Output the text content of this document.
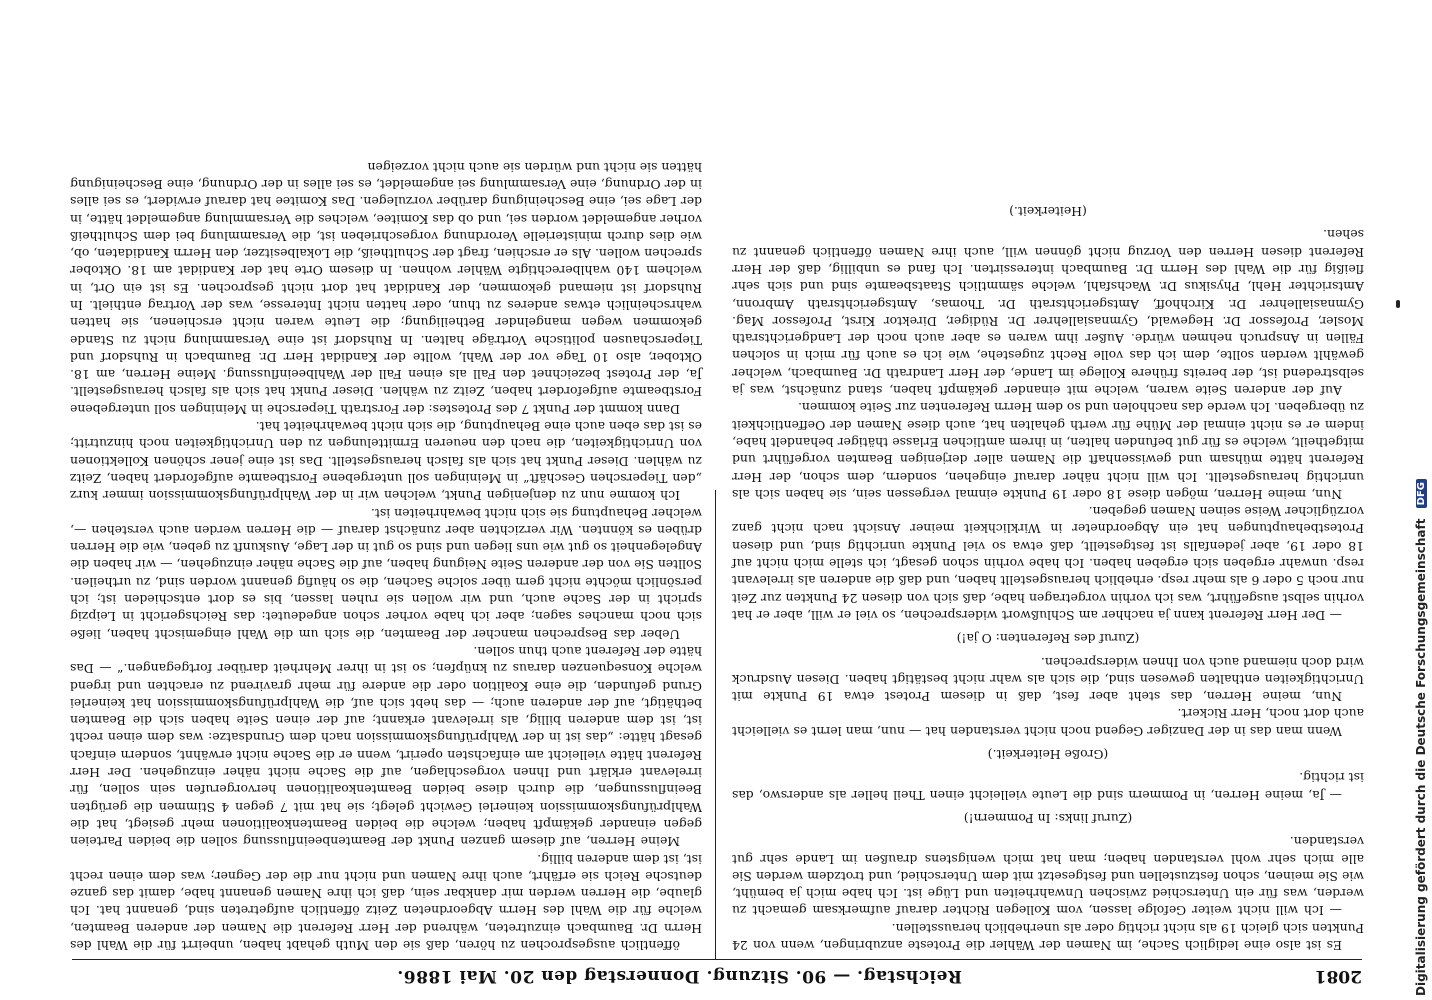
2081
Reichstag. — 90. Sitzung. Donnerstag den 20. Mai 1886.

Es ist also eine lediglich Sache, im Namen der Wähler die Proteste anzubringen, wenn von 24 Punkten sich gleich 19 als nicht richtig oder als unerheblich herausstellen.

— Ich will nicht weiter Gefolge lassen, vom Kollegen Richter darauf aufmerksam gemacht zu werden, was für ein Unterschied zwischen Unwahrheiten und Lüge ist. Ich habe mich ja bemüht, wie Sie meinen, schon festzustellen und festgesetzt mit dem Unterschied, und trotzdem werden Sie alle mich sehr wohl verstanden haben; man hat mich wenigstens draußen im Lande sehr gut verstanden.

(Zuruf links: In Pommern!)

— Ja, meine Herren, in Pommern sind die Leute vielleicht einen Theil heller als anderswo, das ist richtig.

(Große Heiterkeit.)

Wenn man das in der Danziger Gegend noch nicht verstanden hat — nun, man lernt es vielleicht auch dort noch, Herr Rickert.

Nun, meine Herren, das steht aber fest, daß in diesem Protest etwa 19 Punkte mit Unrichtigkeiten enthalten gewesen sind, die sich als wahr nicht bestätigt haben. Diesen Ausdruck wird doch niemand auch von Ihnen widersprechen.

(Zuruf des Referenten: O ja!)

— Der Herr Referent kann ja nachher am Schlußwort widersprechen, so viel er will, aber er hat vorhin selbst ausgeführt, was ich vorhin vorgetragen habe, daß sich von diesen 24 Punkten zur Zeit nur noch 5 oder 6 als mehr resp. erheblich herausgestellt haben, und daß die anderen als irrelevant resp. unwahr ergeben sich ergeben haben. Ich habe vorhin schon gesagt, ich stelle mich nicht auf 18 oder 19, aber jedenfalls ist festgestellt, daß etwa so viel Punkte unrichtig sind, und diesen Protestbehauptungen hat ein Abgeordneter in Wirklichkeit meiner Ansicht nach nicht ganz vorzüglicher Weise seinen Namen gegeben.

Nun, meine Herren, mögen diese 18 oder 19 Punkte einmal vergessen sein, sie haben sich als unrichtig herausgestellt. Ich will nicht näher darauf eingehen, sondern, dem schon, der Herr Referent hätte mühsam und gewissenhaft die Namen aller derjenigen Beamten vorgeführt und mitgetheilt, welche es für gut befunden halten, in ihrem amtlichen Erlasse thätiger behandelt habe, indem er es nicht einmal der Mühe für werth gehalten hat, auch diese Namen der Oeffentlichkeit zu übergeben. Ich werde das nachholen und so dem Herrn Referenten zur Seite kommen.

Auf der anderen Seite waren, welche mit einander gekämpft haben, stand zunächst, was ja selbstredend ist, der bereits frühere Kollege im Lande, der Herr Landrath Dr. Baumbach, welcher gewählt werden sollte, dem ich das volle Recht zugestehe, wie ich es auch für mich in solchen Fällen in Anspruch nehmen würde. Außer ihm waren es aber auch noch der Landgerichtsrath Mosler, Professor Dr. Hegewald, Gymnasiallehrer Dr. Rüdiger, Direktor Kirst, Professor Mag. Gymnasiallehrer Dr. Kirchhoff, Amtsgerichtsrath Dr. Thomas, Amtsgerichtsrath Ambronn, Amtsrichter Hehl, Physikus Dr. Wachsfahl, welche sämmtlich Staatsbeamte sind und sich sehr fleißig für die Wahl des Herrn Dr. Baumbach interessirten. Ich fand es unbillig, daß der Herr Referent diesen Herren den Vorzug nicht gönnen will, auch ihre Namen öffentlich genannt zu sehen.

(Heiterkeit.)

öffentlich ausgesprochen zu hören, daß sie den Muth gehabt haben, unbeirrt für die Wahl des Herrn Dr. Baumbach einzutreten, während der Herr Referent die Namen der anderen Beamten, welche für die Wahl des Herrn Abgeordneten Zeitz öffentlich aufgetreten sind, genannt hat. Ich glaube, die Herren werden mir dankbar sein, daß ich ihre Namen genannt habe, damit das ganze deutsche Reich sie erfährt, auch ihre Namen und nicht nur die der Gegner; was dem einen recht ist, ist dem anderen billig.

Meine Herren, auf diesem ganzen Punkt der Beamtenbeeinflussung sollen die beiden Parteien gegen einander gekämpft haben; welche die beiden Beamtenkoalitionen mehr gesiegt, hat die Wahlprüfungskommission keinerlei Gewicht gelegt; sie hat mit 7 gegen 4 Stimmen die gerügten Beeinflussungen, die durch diese beiden Beamtenkoalitionen hervorgerufen sein sollen, für irrelevant erklärt und Ihnen vorgeschlagen, auf die Sache nicht näher einzugehen. Der Herr Referent hätte vielleicht am einfachsten operirt, wenn er die Sache nicht erwähnt, sondern einfach gesagt hätte: „das ist in der Wahlprüfungskommission nach dem Grundsatze: was dem einen recht ist, ist dem anderen billig, als irrelevant erkannt; auf der einen Seite haben sich die Beamten bethätigt, auf der anderen auch; — das hebt sich auf, die Wahlprüfungskommission hat keinerlei Grund gefunden, die eine Koalition oder die andere für mehr gravirend zu erachten und irgend welche Konsequenzen daraus zu knüpfen; so ist in ihrer Mehrheit darüber fortgegangen.“ — Das hätte der Referent auch thun sollen.

Ueber das Besprechen mancher der Beamten, die sich um die Wahl eingemischt haben, ließe sich noch manches sagen; aber ich habe vorher schon angedeutet: das Reichsgericht in Leipzig spricht in der Sache auch, und wir wollen sie ruhen lassen, bis es dort entschieden ist; ich persönlich möchte nicht gern über solche Sachen, die so häufig genannt worden sind, zu urtheilen. Sollten Sie von der anderen Seite Neigung haben, auf die Sache näher einzugehen, — wir haben die Angelegenheit so gut wie uns liegen und sind so gut in der Lage, Auskunft zu geben, wie die Herren drüben es könnten. Wir verzichten aber zunächst darauf — die Herren werden auch verstehen —, welcher Behauptung sie sich nicht bewahrheiten ist.

Ich komme nun zu denjenigen Punkt, welchen wir in der Wahlprüfungskommission immer kurz „den Tieperschen Geschäft“ in Meiningen soll untergebene Forstbeamte aufgefordert haben, Zeitz zu wählen. Dieser Punkt hat sich als falsch herausgestellt. Das ist eine jener schönen Kollektionen von Unrichtigkeiten, die nach den neueren Ermittelungen zu den Unrichtigkeiten noch hinzutritt; es ist das eben auch eine Behauptung, die sich nicht bewahrheitet hat.

Dann kommt der Punkt 7 des Protestes: der Forstrath Tiepersche in Meiningen soll untergebene Forstbeamte aufgefordert haben, Zeitz zu wählen. Dieser Punkt hat sich als falsch herausgestellt. Ja, der Protest bezeichnet den Fall als einen Fall der Wahlbeeinflussung. Meine Herren, am 18. Oktober, also 10 Tage vor der Wahl, wollte der Kandidat Herr Dr. Baumbach in Ruhsdorf und Tieperschausen politische Vorträge halten. In Ruhsdorf ist eine Versammlung nicht zu Stande gekommen wegen mangelnder Betheiligung; die Leute waren nicht erschienen, sie hatten wahrscheinlich etwas anderes zu thun, oder hatten nicht Interesse, was der Vortrag enthielt. In Ruhsdorf ist niemand gekommen, der Kandidat hat dort nicht gesprochen. Es ist ein Ort, in welchem 140 wahlberechtigte Wähler wohnen. In diesem Orte hat der Kandidat am 18. Oktober sprechen wollen. Als er erschien, fragt der Schultheiß, die Lokalbesitzer, den Herrn Kandidaten, ob, wie dies durch ministerielle Verordnung vorgeschrieben ist, die Versammlung bei dem Schultheiß vorher angemeldet worden sei, und ob das Komitee, welches die Versammlung angemeldet hätte, in der Lage sei, eine Bescheinigung darüber vorzulegen. Das Komitee hat darauf erwidert, es sei alles in der Ordnung, eine Versammlung sei angemeldet, es sei alles in der Ordnung, eine Bescheinigung hätten sie nicht und würden sie auch nicht vorzeigen

Digitalisierung gefördert durch die Deutsche Forschungsgemeinschaft DFG
